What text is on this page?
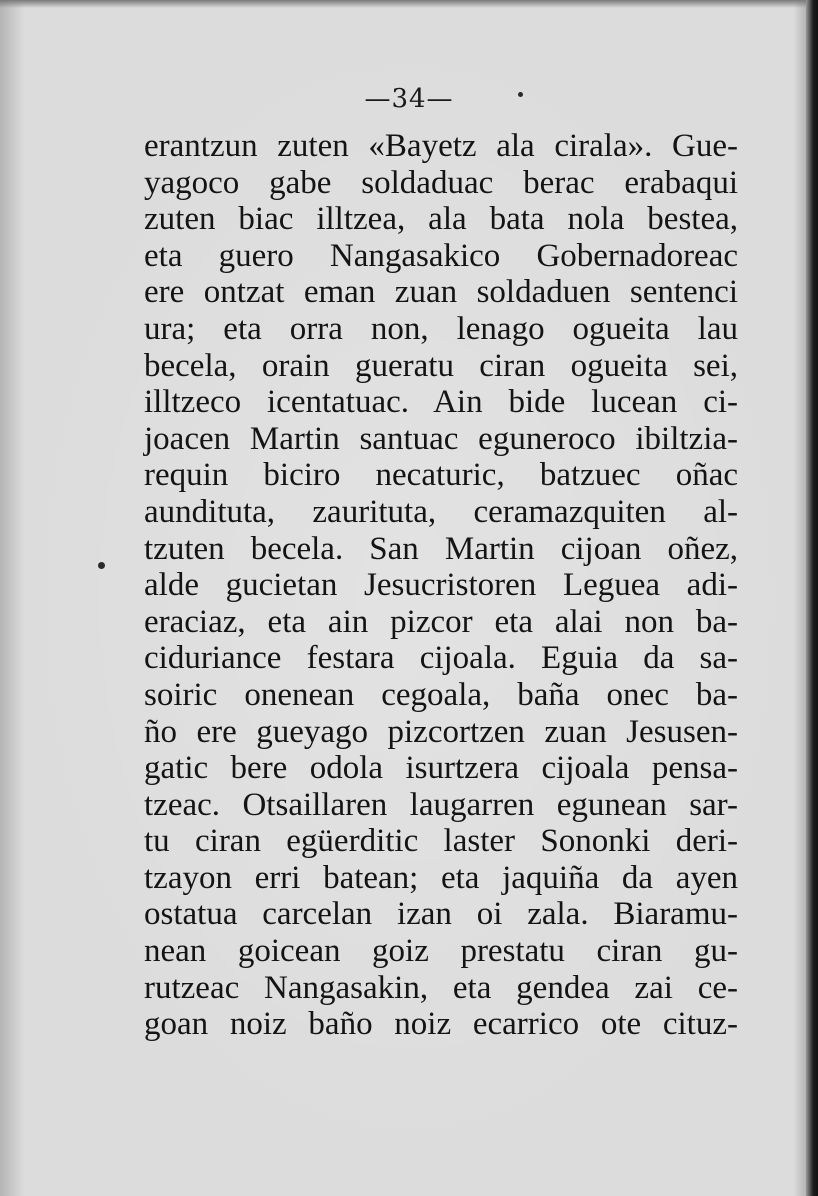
—34—
erantzun zuten «Bayetz ala cirala». Gue-
yagoco gabe soldaduac berac erabaqui
zuten biac illtzea, ala bata nola bestea,
eta guero Nangasakico Gobernadoreac
ere ontzat eman zuan soldaduen sentenci
ura; eta orra non, lenago ogueita lau
becela, orain gueratu ciran ogueita sei,
illtzeco icentatuac. Ain bide lucean ci-
joacen Martin santuac eguneroco ibiltzia-
requin biciro necaturic, batzuec oñac
aundituta, zaurituta, ceramazquiten al-
tzuten becela. San Martin cijoan oñez,
alde gucietan Jesucristoren Leguea adi-
eraciaz, eta ain pizcor eta alai non ba-
ciduriance festara cijoala. Eguia da sa-
soiric onenean cegoala, baña onec ba-
ño ere gueyago pizcortzen zuan Jesusen-
gatic bere odola isurtzera cijoala pensa-
tzeac. Otsaillaren laugarren egunean sar-
tu ciran egüerditic laster Sononki deri-
tzayon erri batean; eta jaquiña da ayen
ostatua carcelan izan oi zala. Biaramu-
nean goicean goiz prestatu ciran gu-
rutzeac Nangasakin, eta gendea zai ce-
goan noiz baño noiz ecarrico ote cituz-
